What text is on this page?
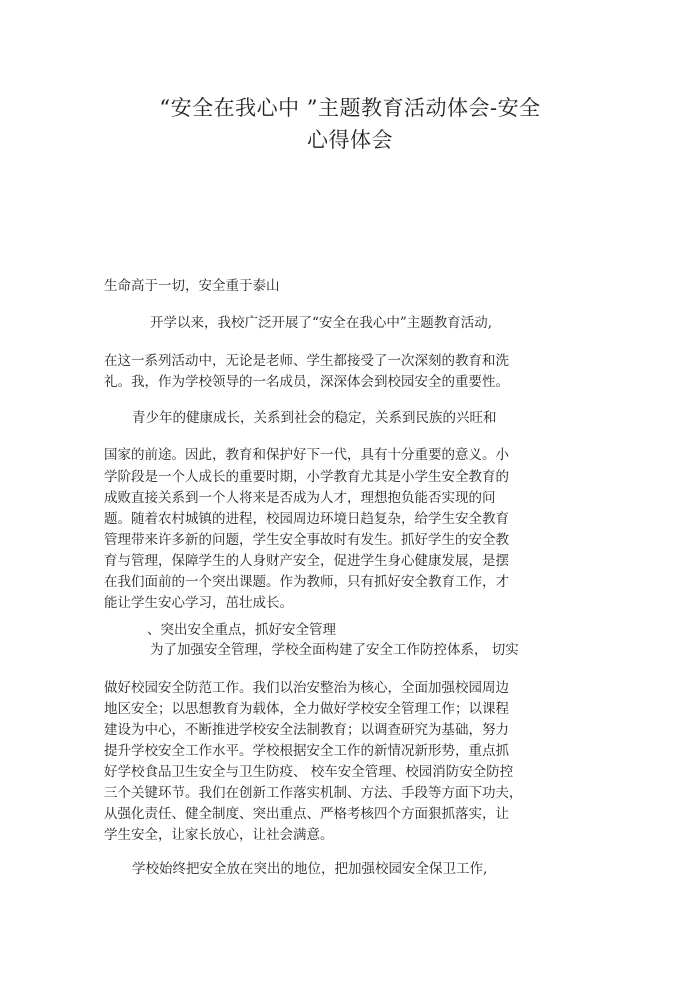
“安全在我心中 ”主题教育活动体会-安全
心得体会
生命高于一切，安全重于泰山
开学以来，我校广泛开展了“安全在我心中”主题教育活动,
在这一系列活动中，无论是老师、学生都接受了一次深刻的教育和洗
礼。我，作为学校领导的一名成员，深深体会到校园安全的重要性。
青少年的健康成长，关系到社会的稳定，关系到民族的兴旺和
国家的前途。因此，教育和保护好下一代，具有十分重要的意义。小
学阶段是一个人成长的重要时期，小学教育尤其是小学生安全教育的
成败直接关系到一个人将来是否成为人才，理想抱负能否实现的问
题。随着农村城镇的进程，校园周边环境日趋复杂，给学生安全教育
管理带来许多新的问题，学生安全事故时有发生。抓好学生的安全教
育与管理，保障学生的人身财产安全，促进学生身心健康发展，是摆
在我们面前的一个突出课题。作为教师，只有抓好安全教育工作，才
能让学生安心学习，茁壮成长。
、突出安全重点，抓好安全管理
为了加强安全管理，学校全面构建了安全工作防控体系， 切实
做好校园安全防范工作。我们以治安整治为核心，全面加强校园周边
地区安全；以思想教育为载体，全力做好学校安全管理工作；以课程
建设为中心，不断推进学校安全法制教育；以调查研究为基础，努力
提升学校安全工作水平。学校根据安全工作的新情况新形势，重点抓
好学校食品卫生安全与卫生防疫、 校车安全管理、校园消防安全防控
三个关键环节。我们在创新工作落实机制、方法、手段等方面下功夫，
从强化责任、健全制度、突出重点、严格考核四个方面狠抓落实，让
学生安全，让家长放心，让社会满意。
学校始终把安全放在突出的地位，把加强校园安全保卫工作,
